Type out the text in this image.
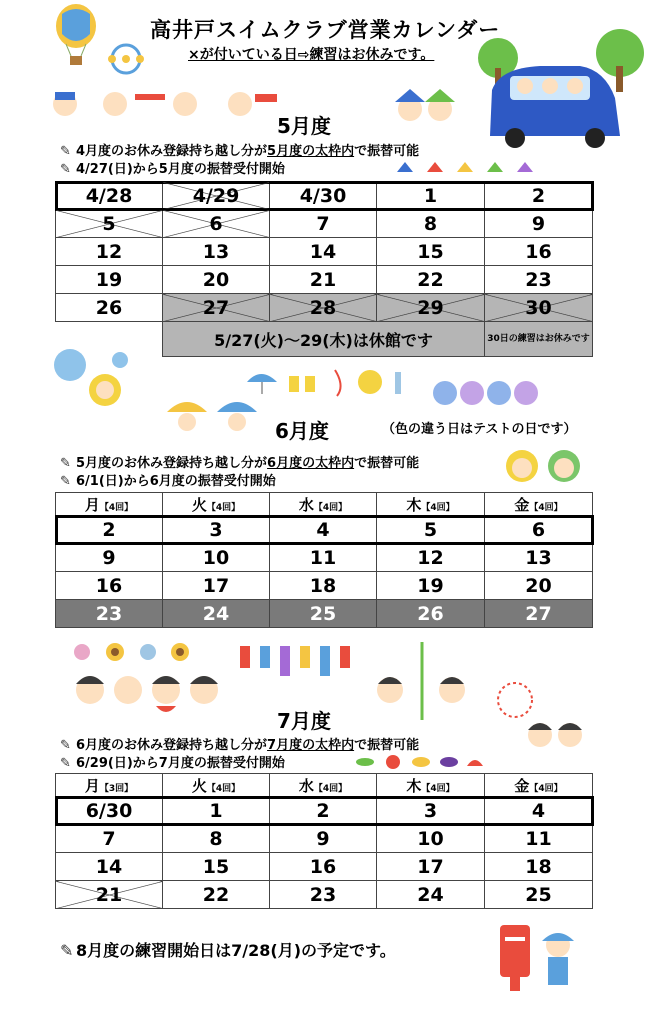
高井戸スイムクラブ営業カレンダー
×が付いている日⇨練習はお休みです。
5月度
✎ 4月度のお休み登録持ち越し分が5月度の太枠内で振替可能
✎ 4/27(日)から5月度の振替受付開始
4/28	4/29	4/30	1	2
5	6	7	8	9
12	13	14	15	16
19	20	21	22	23
26	27	28	29	30
	5/27(火)～29(木)は休館です			30日の練習はお休みです
6月度	（色の違う日はテストの日です）
✎ 5月度のお休み登録持ち越し分が6月度の太枠内で振替可能
✎ 6/1(日)から6月度の振替受付開始
月【4回】	火【4回】	水【4回】	木【4回】	金【4回】
2	3	4	5	6
9	10	11	12	13
16	17	18	19	20
23	24	25	26	27
7月度
✎ 6月度のお休み登録持ち越し分が7月度の太枠内で振替可能
✎ 6/29(日)から7月度の振替受付開始
月【3回】	火【4回】	水【4回】	木【4回】	金【4回】
6/30	1	2	3	4
7	8	9	10	11
14	15	16	17	18
21	22	23	24	25
✎ 8月度の練習開始日は7/28(月)の予定です。
